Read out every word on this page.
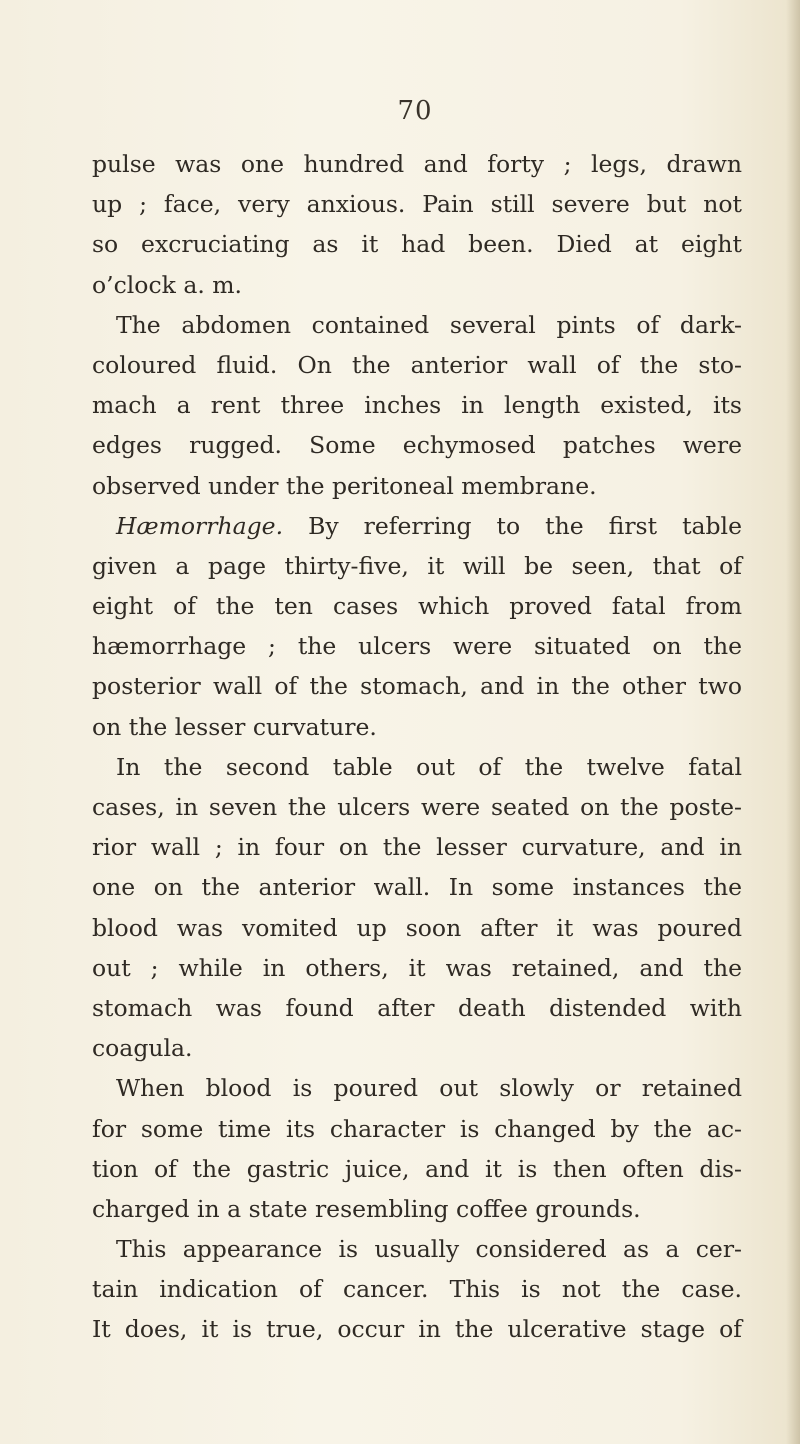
70
pulse was one hundred and forty ; legs, drawn
up ; face, very anxious. Pain still severe but not
so excruciating as it had been. Died at eight
o’clock a. m.
The abdomen contained several pints of dark-
coloured fluid. On the anterior wall of the sto-
mach a rent three inches in length existed, its
edges rugged. Some echymosed patches were
observed under the peritoneal membrane.
Hæmorrhage. By referring to the first table
given a page thirty-five, it will be seen, that of
eight of the ten cases which proved fatal from
hæmorrhage ; the ulcers were situated on the
posterior wall of the stomach, and in the other two
on the lesser curvature.
In the second table out of the twelve fatal
cases, in seven the ulcers were seated on the poste-
rior wall ; in four on the lesser curvature, and in
one on the anterior wall. In some instances the
blood was vomited up soon after it was poured
out ; while in others, it was retained, and the
stomach was found after death distended with
coagula.
When blood is poured out slowly or retained
for some time its character is changed by the ac-
tion of the gastric juice, and it is then often dis-
charged in a state resembling coffee grounds.
This appearance is usually considered as a cer-
tain indication of cancer. This is not the case.
It does, it is true, occur in the ulcerative stage of
